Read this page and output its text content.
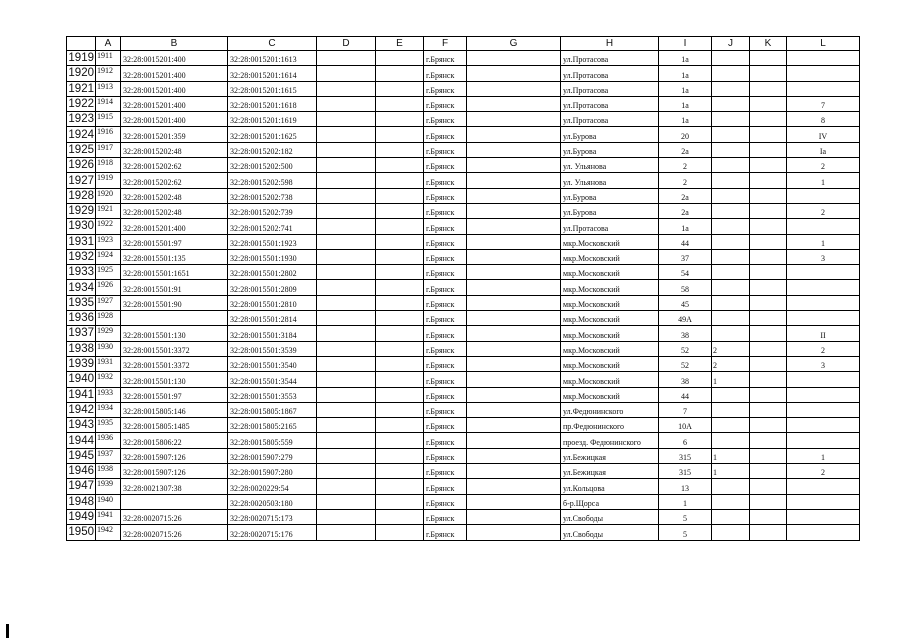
	A	B	C	D	E	F	G	H	I	J	K	L
1919	1911	32:28:0015201:400	32:28:0015201:1613			г.Брянск		ул.Протасова	1а			
1920	1912	32:28:0015201:400	32:28:0015201:1614			г.Брянск		ул.Протасова	1а			
1921	1913	32:28:0015201:400	32:28:0015201:1615			г.Брянск		ул.Протасова	1а			
1922	1914	32:28:0015201:400	32:28:0015201:1618			г.Брянск		ул.Протасова	1а			7
1923	1915	32:28:0015201:400	32:28:0015201:1619			г.Брянск		ул.Протасова	1а			8
1924	1916	32:28:0015201:359	32:28:0015201:1625			г.Брянск		ул.Бурова	20			IV
1925	1917	32:28:0015202:48	32:28:0015202:182			г.Брянск		ул.Бурова	2а			Iа
1926	1918	32:28:0015202:62	32:28:0015202:500			г.Брянск		ул. Ульянова	2			2
1927	1919	32:28:0015202:62	32:28:0015202:598			г.Брянск		ул. Ульянова	2			1
1928	1920	32:28:0015202:48	32:28:0015202:738			г.Брянск		ул.Бурова	2а			
1929	1921	32:28:0015202:48	32:28:0015202:739			г.Брянск		ул.Бурова	2а			2
1930	1922	32:28:0015201:400	32:28:0015202:741			г.Брянск		ул.Протасова	1а			
1931	1923	32:28:0015501:97	32:28:0015501:1923			г.Брянск		мкр.Московский	44			1
1932	1924	32:28:0015501:135	32:28:0015501:1930			г.Брянск		мкр.Московский	37			3
1933	1925	32:28:0015501:1651	32:28:0015501:2802			г.Брянск		мкр.Московский	54			
1934	1926	32:28:0015501:91	32:28:0015501:2809			г.Брянск		мкр.Московский	58			
1935	1927	32:28:0015501:90	32:28:0015501:2810			г.Брянск		мкр.Московский	45			
1936	1928		32:28:0015501:2814			г.Брянск		мкр.Московский	49А			
1937	1929	32:28:0015501:130	32:28:0015501:3184			г.Брянск		мкр.Московский	38			II
1938	1930	32:28:0015501:3372	32:28:0015501:3539			г.Брянск		мкр.Московский	52	2		2
1939	1931	32:28:0015501:3372	32:28:0015501:3540			г.Брянск		мкр.Московский	52	2		3
1940	1932	32:28:0015501:130	32:28:0015501:3544			г.Брянск		мкр.Московский	38	1		
1941	1933	32:28:0015501:97	32:28:0015501:3553			г.Брянск		мкр.Московский	44			
1942	1934	32:28:0015805:146	32:28:0015805:1867			г.Брянск		ул.Федюнинского	7			
1943	1935	32:28:0015805:1485	32:28:0015805:2165			г.Брянск		пр.Федюнинского	10А			
1944	1936	32:28:0015806:22	32:28:0015805:559			г.Брянск		проезд. Федюнинского	6			
1945	1937	32:28:0015907:126	32:28:0015907:279			г.Брянск		ул.Бежицкая	315	1		1
1946	1938	32:28:0015907:126	32:28:0015907:280			г.Брянск		ул.Бежицкая	315	1		2
1947	1939	32:28:0021307:38	32:28:0020229:54			г.Брянск		ул.Кольцова	13			
1948	1940		32:28:0020503:180			г.Брянск		б-р.Щорса	1			
1949	1941	32:28:0020715:26	32:28:0020715:173			г.Брянск		ул.Свободы	5			
1950	1942	32:28:0020715:26	32:28:0020715:176			г.Брянск		ул.Свободы	5			
